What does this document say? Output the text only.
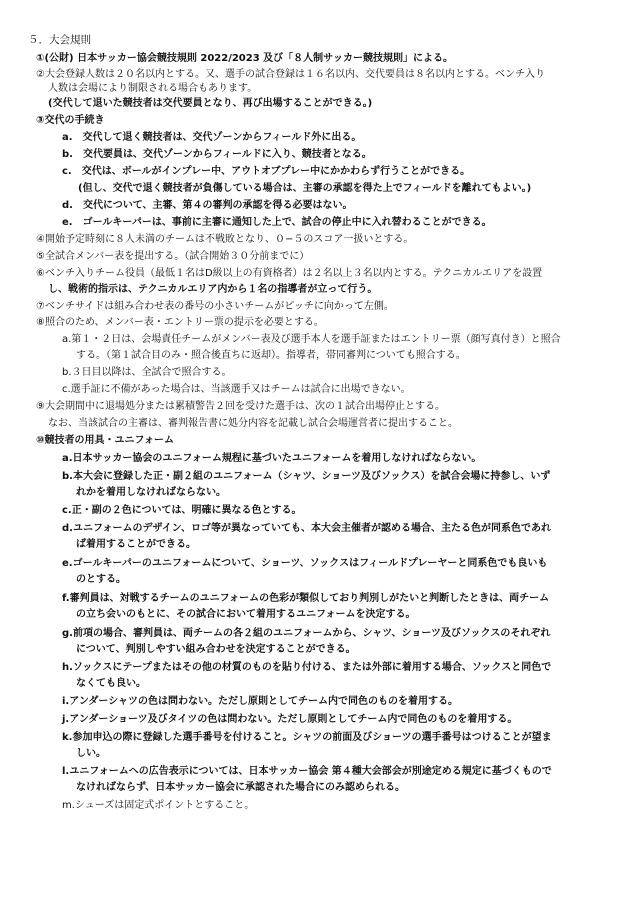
５．大会規則
①(公財) 日本サッカー協会競技規則 2022/2023 及び「８人制サッカー競技規則」による。
②大会登録人数は２０名以内とする。又、選手の試合登録は１６名以内、交代要員は８名以内とする。ベンチ入り
人数は会場により制限される場合もあります。
(交代して退いた競技者は交代要員となり、再び出場することができる。)
③交代の手続き
a.　交代して退く競技者は、交代ゾーンからフィールド外に出る。
b.　交代要員は、交代ゾーンからフィールドに入り、競技者となる。
c.　交代は、ボールがインプレー中、アウトオブプレー中にかかわらず行うことができる。
(但し、交代で退く競技者が負傷している場合は、主審の承認を得た上でフィールドを離れてもよい。)
d.　交代について、主審、第４の審判の承認を得る必要はない。
e.　ゴールキーパーは、事前に主審に通知した上で、試合の停止中に入れ替わることができる。
④開始予定時刻に８人未満のチームは不戦敗となり、０−５のスコア一扱いとする。
⑤全試合メンバー表を提出する。（試合開始３０分前までに）
⑥ベンチ入りチーム役員（最低１名はD級以上の有資格者）は２名以上３名以内とする。テクニカルエリアを設置
し、戦術的指示は、テクニカルエリア内から１名の指導者が立って行う。
⑦ベンチサイドは組み合わせ表の番号の小さいチームがピッチに向かって左側。
⑧照合のため、メンバー表・エントリー票の提示を必要とする。
a.第１・２日は、会場責任チームがメンバー表及び選手本人を選手証またはエントリー票（顔写真付き）と照合
する。（第１試合目のみ・照合後直ちに返却）。指導者，帯同審判についても照合する。
b.３日目以降は、全試合で照合する。
c.選手証に不備があった場合は、当該選手又はチームは試合に出場できない。
⑨大会期間中に退場処分または累積警告２回を受けた選手は、次の１試合出場停止とする。
なお、当該試合の主審は、審判報告書に処分内容を記載し試合会場運営者に提出すること。
⑩競技者の用具・ユニフォーム
a.日本サッカー協会のユニフォーム規程に基づいたユニフォームを着用しなければならない。
b.本大会に登録した正・副２組のユニフォーム（シャツ、ショーツ及びソックス）を試合会場に持参し、いず
れかを着用しなければならない。
c.正・副の２色については、明確に異なる色とする。
d.ユニフォームのデザイン、ロゴ等が異なっていても、本大会主催者が認める場合、主たる色が同系色であれ
ば着用することができる。
e.ゴールキーパーのユニフォームについて、ショーツ、ソックスはフィールドプレーヤーと同系色でも良いも
のとする。
f.審判員は、対戦するチームのユニフォームの色彩が類似しており判別しがたいと判断したときは、両チーム
の立ち会いのもとに、その試合において着用するユニフォームを決定する。
g.前項の場合、審判員は、両チームの各２組のユニフォームから、シャツ、ショーツ及びソックスのそれぞれ
について、判別しやすい組み合わせを決定することができる。
h.ソックスにテープまたはその他の材質のものを貼り付ける、または外部に着用する場合、ソックスと同色で
なくても良い。
i.アンダーシャツの色は問わない。ただし原則としてチーム内で同色のものを着用する。
j.アンダーショーツ及びタイツの色は問わない。ただし原則としてチーム内で同色のものを着用する。
k.参加申込の際に登録した選手番号を付けること。シャツの前面及びショーツの選手番号はつけることが望ま
しい。
l.ユニフォームへの広告表示については、日本サッカー協会 第４種大会部会が別途定める規定に基づくもので
なければならず、日本サッカー協会に承認された場合にのみ認められる。
m.シューズは固定式ポイントとすること。
